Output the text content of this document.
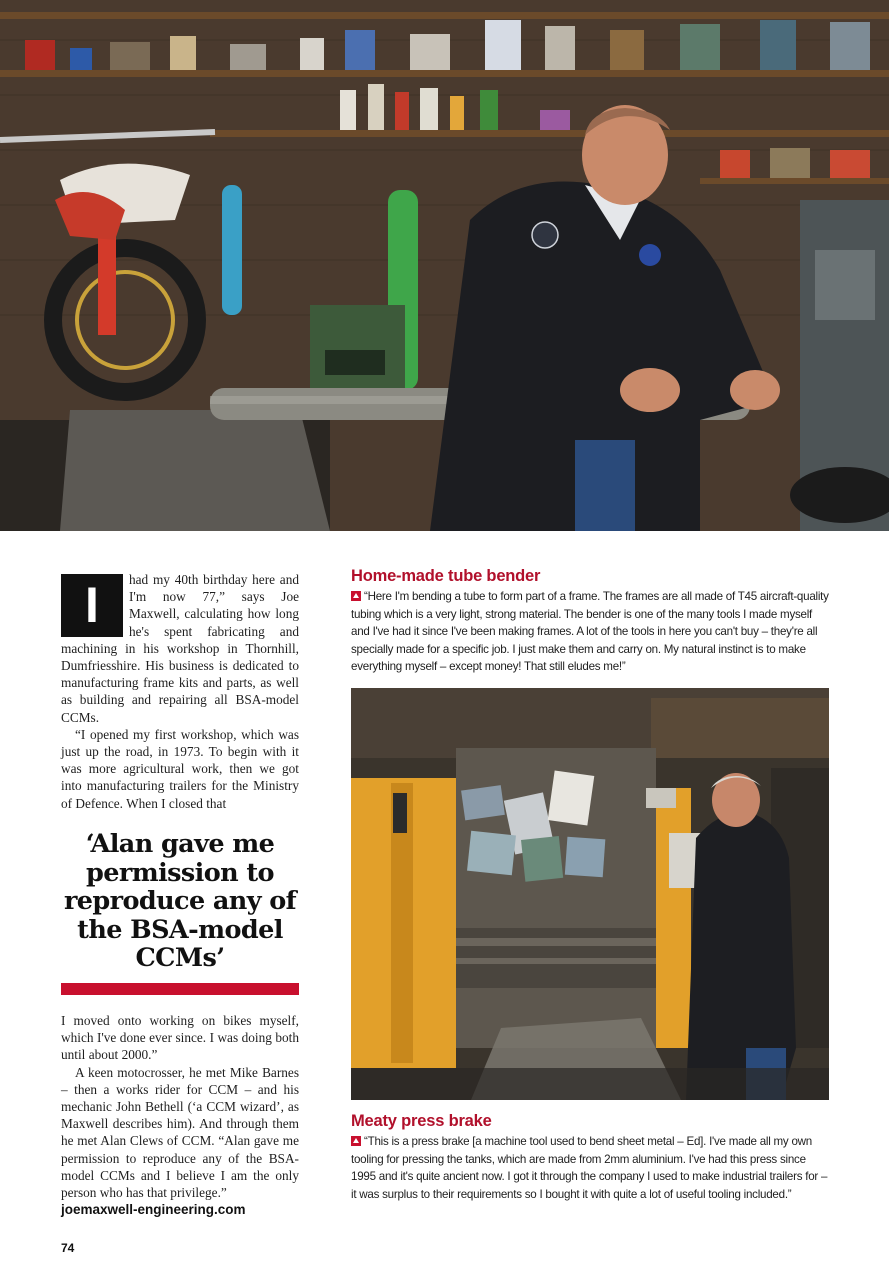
I	had my 40th birthday here and I'm now 77,” says Joe Maxwell, calculating how long he's spent fabricating and machining in his workshop in Thornhill, Dumfriesshire. His business is dedicated to manufacturing frame kits and parts, as well as building and repairing all BSA-model CCMs.

“I opened my first workshop, which was just up the road, in 1973. To begin with it was more agricultural work, then we got into manufacturing trailers for the Ministry of Defence. When I closed that

‘Alan gave me permission to reproduce any of the BSA-model CCMs’

I moved onto working on bikes myself, which I've done ever since. I was doing both until about 2000.”

A keen motocrosser, he met Mike Barnes – then a works rider for CCM – and his mechanic John Bethell (‘a CCM wizard’, as Maxwell describes him). And through them he met Alan Clews of CCM. “Alan gave me permission to reproduce any of the BSA-model CCMs and I believe I am the only person who has that privilege.”

joemaxwell-engineering.com
74
Home-made tube bender

“Here I'm bending a tube to form part of a frame. The frames are all made of T45 aircraft-quality tubing which is a very light, strong material. The bender is one of the many tools I made myself and I've had it since I've been making frames. A lot of the tools in here you can't buy – they're all specially made for a specific job. I just make them and carry on. My natural instinct is to make everything myself – except money! That still eludes me!”

Meaty press brake

“This is a press brake [a machine tool used to bend sheet metal – Ed]. I've made all my own tooling for pressing the tanks, which are made from 2mm aluminium. I've had this press since 1995 and it's quite ancient now. I got it through the company I used to make industrial trailers for – it was surplus to their requirements so I bought it with quite a lot of useful tooling included.”
